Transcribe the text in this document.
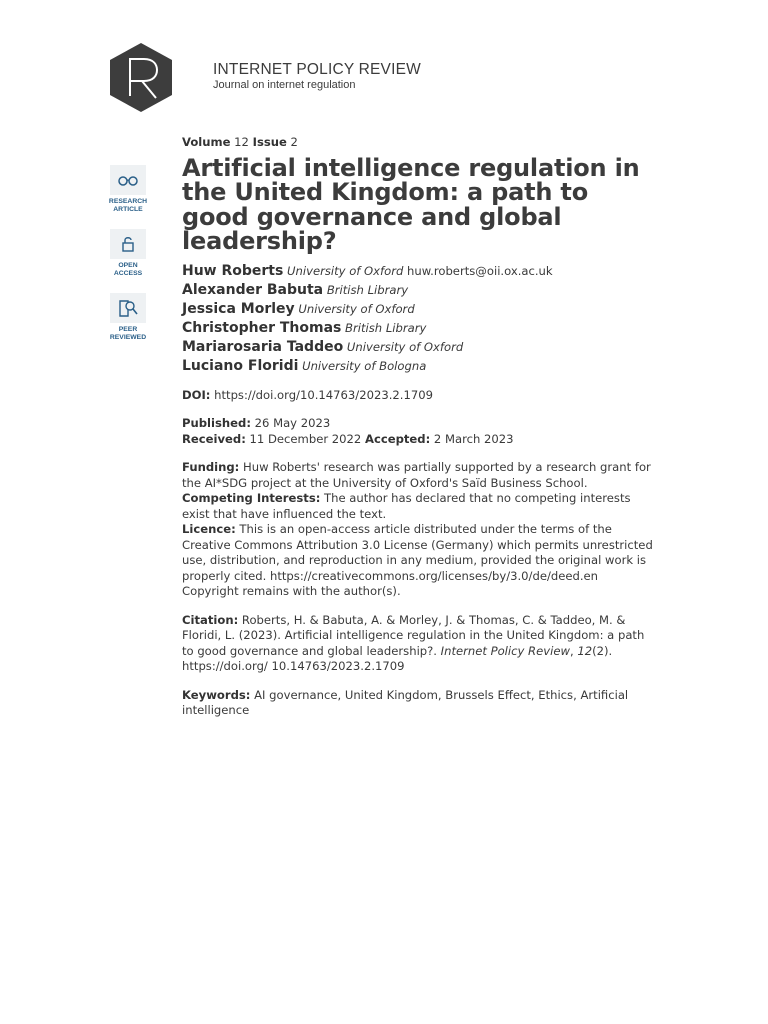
INTERNET POLICY REVIEW
Journal on internet regulation
RESEARCH
ARTICLE
OPEN
ACCESS
PEER
REVIEWED
Volume 12 Issue 2
Artificial intelligence regulation in the United Kingdom: a path to good governance and global leadership?
Huw Roberts University of Oxford huw.roberts@oii.ox.ac.uk
Alexander Babuta British Library
Jessica Morley University of Oxford
Christopher Thomas British Library
Mariarosaria Taddeo University of Oxford
Luciano Floridi University of Bologna
DOI: https://doi.org/10.14763/2023.2.1709
Published: 26 May 2023
Received: 11 December 2022 Accepted: 2 March 2023
Funding: Huw Roberts' research was partially supported by a research grant for the AI*SDG project at the University of Oxford's Saïd Business School.
Competing Interests: The author has declared that no competing interests exist that have influenced the text.
Licence: This is an open-access article distributed under the terms of the Creative Commons Attribution 3.0 License (Germany) which permits unrestricted use, distribution, and reproduction in any medium, provided the original work is properly cited. https://creativecommons.org/licenses/by/3.0/de/deed.en
Copyright remains with the author(s).
Citation: Roberts, H. & Babuta, A. & Morley, J. & Thomas, C. & Taddeo, M. & Floridi, L. (2023). Artificial intelligence regulation in the United Kingdom: a path to good governance and global leadership?. Internet Policy Review, 12(2). https://doi.org/ 10.14763/2023.2.1709
Keywords: AI governance, United Kingdom, Brussels Effect, Ethics, Artificial intelligence
